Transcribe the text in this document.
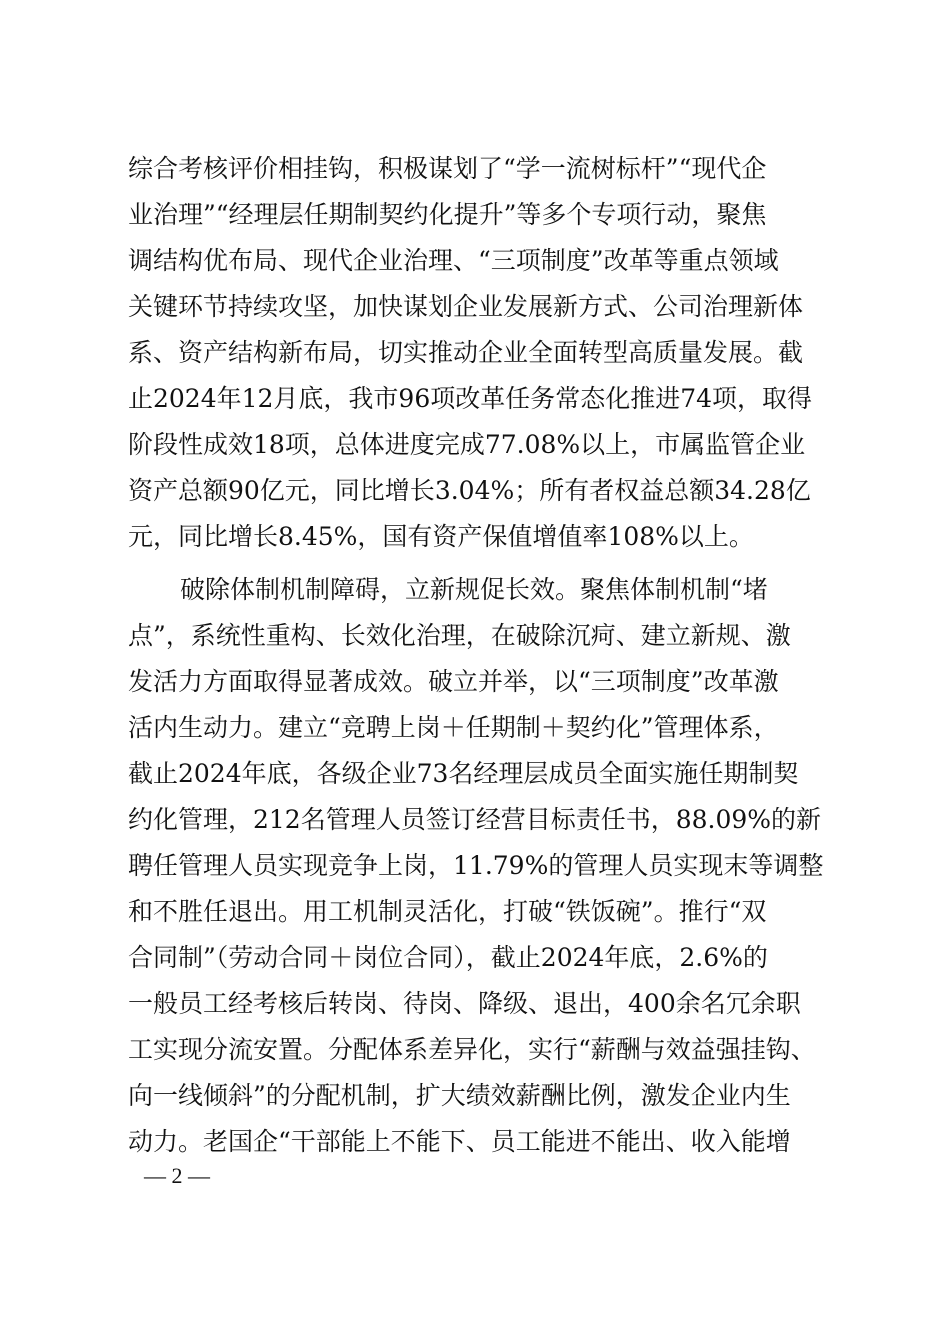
综合考核评价相挂钩，积极谋划了“学一流树标杆”“现代企
业治理”“经理层任期制契约化提升”等多个专项行动，聚焦
调结构优布局、现代企业治理、“三项制度”改革等重点领域
关键环节持续攻坚，加快谋划企业发展新方式、公司治理新体
系、资产结构新布局，切实推动企业全面转型高质量发展。截
止2024年12月底，我市96项改革任务常态化推进74项，取得
阶段性成效18项，总体进度完成77.08%以上，市属监管企业
资产总额90亿元，同比增长3.04%；所有者权益总额34.28亿
元，同比增长8.45%，国有资产保值增值率108%以上。
破除体制机制障碍，立新规促长效。聚焦体制机制“堵
点”，系统性重构、长效化治理，在破除沉疴、建立新规、激
发活力方面取得显著成效。破立并举，以“三项制度”改革激
活内生动力。建立“竞聘上岗＋任期制＋契约化”管理体系，
截止2024年底，各级企业73名经理层成员全面实施任期制契
约化管理，212名管理人员签订经营目标责任书，88.09%的新
聘任管理人员实现竞争上岗，11.79%的管理人员实现末等调整
和不胜任退出。用工机制灵活化，打破“铁饭碗”。推行“双
合同制”（劳动合同＋岗位合同），截止2024年底，2.6%的
一般员工经考核后转岗、待岗、降级、退出，400余名冗余职
工实现分流安置。分配体系差异化，实行“薪酬与效益强挂钩、
向一线倾斜”的分配机制，扩大绩效薪酬比例，激发企业内生
动力。老国企“干部能上不能下、员工能进不能出、收入能增
— 2 —
